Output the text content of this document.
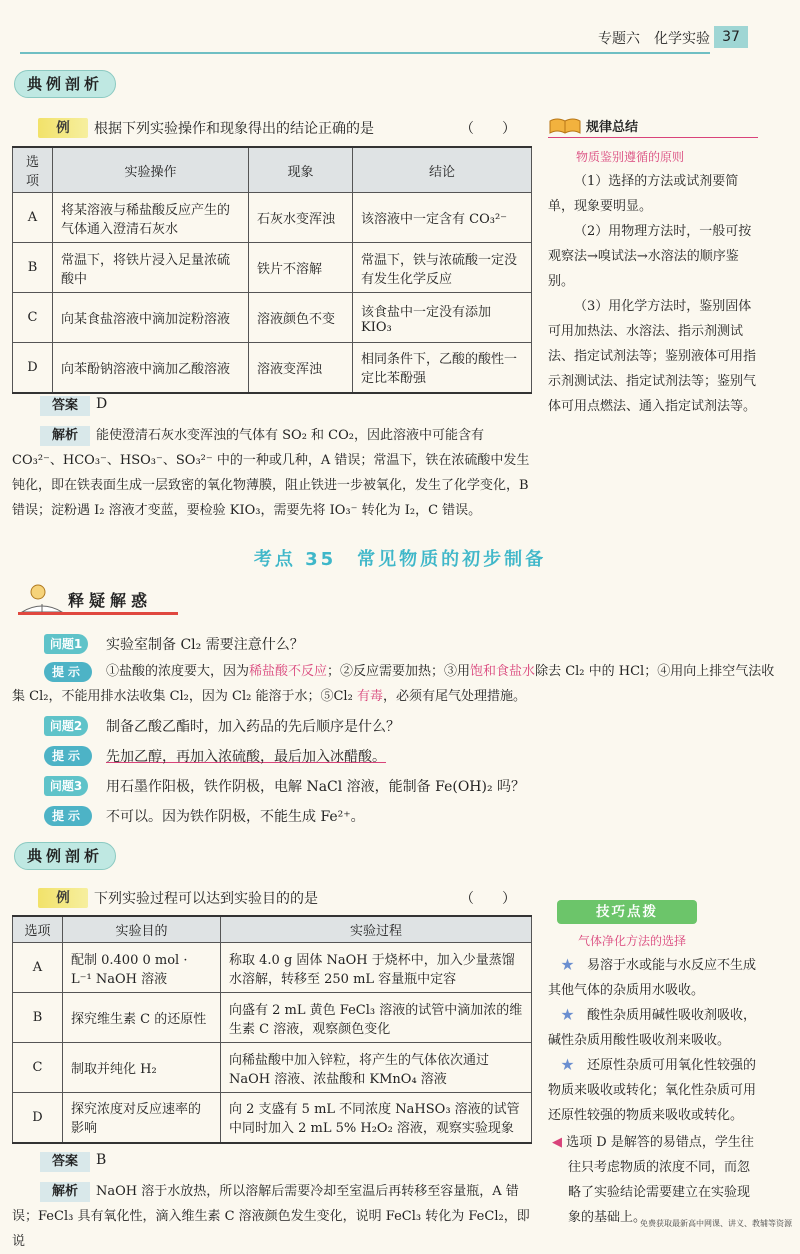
专题六　化学实验 37
典例剖析
例	根据下列实验操作和现象得出的结论正确的是	（　　）
选项	实验操作	现象	结论
A	将某溶液与稀盐酸反应产生的气体通入澄清石灰水	石灰水变浑浊	该溶液中一定含有 CO₃²⁻
B	常温下，将铁片浸入足量浓硫酸中	铁片不溶解	常温下，铁与浓硫酸一定没有发生化学反应
C	向某食盐溶液中滴加淀粉溶液	溶液颜色不变	该食盐中一定没有添加 KIO₃
D	向苯酚钠溶液中滴加乙酸溶液	溶液变浑浊	相同条件下，乙酸的酸性一定比苯酚强
答案	D
解析	能使澄清石灰水变浑浊的气体有 SO₂ 和 CO₂，因此溶液中可能含有 CO₃²⁻、HCO₃⁻、HSO₃⁻、SO₃²⁻ 中的一种或几种，A 错误；常温下，铁在浓硫酸中发生钝化，即在铁表面生成一层致密的氧化物薄膜，阻止铁进一步被氧化，发生了化学变化，B 错误；淀粉遇 I₂ 溶液才变蓝，要检验 KIO₃，需要先将 IO₃⁻ 转化为 I₂，C 错误。
规律总结
物质鉴别遵循的原则
（1）选择的方法或试剂要简单，现象要明显。
（2）用物理方法时，一般可按观察法→嗅试法→水溶法的顺序鉴别。
（3）用化学方法时，鉴别固体可用加热法、水溶法、指示剂测试法、指定试剂法等；鉴别液体可用指示剂测试法、指定试剂法等；鉴别气体可用点燃法、通入指定试剂法等。
考点 35　常见物质的初步制备
释疑解惑
问题1	实验室制备 Cl₂ 需要注意什么？
提示	①盐酸的浓度要大，因为稀盐酸不反应；②反应需要加热；③用饱和食盐水除去 Cl₂ 中的 HCl；④用向上排空气法收集 Cl₂，不能用排水法收集 Cl₂，因为 Cl₂ 能溶于水；⑤Cl₂ 有毒，必须有尾气处理措施。
问题2	制备乙酸乙酯时，加入药品的先后顺序是什么？
提示	先加乙醇，再加入浓硫酸，最后加入冰醋酸。
问题3	用石墨作阳极，铁作阴极，电解 NaCl 溶液，能制备 Fe(OH)₂ 吗？
提示	不可以。因为铁作阴极，不能生成 Fe²⁺。
典例剖析
例	下列实验过程可以达到实验目的的是	（　　）
选项	实验目的	实验过程
A	配制 0.400 0 mol · L⁻¹ NaOH 溶液	称取 4.0 g 固体 NaOH 于烧杯中，加入少量蒸馏水溶解，转移至 250 mL 容量瓶中定容
B	探究维生素 C 的还原性	向盛有 2 mL 黄色 FeCl₃ 溶液的试管中滴加浓的维生素 C 溶液，观察颜色变化
C	制取并纯化 H₂	向稀盐酸中加入锌粒，将产生的气体依次通过 NaOH 溶液、浓盐酸和 KMnO₄ 溶液
D	探究浓度对反应速率的影响	向 2 支盛有 5 mL 不同浓度 NaHSO₃ 溶液的试管中同时加入 2 mL 5% H₂O₂ 溶液，观察实验现象
答案	B
解析	NaOH 溶于水放热，所以溶解后需要冷却至室温后再转移至容量瓶，A 错误；FeCl₃ 具有氧化性，滴入维生素 C 溶液颜色发生变化，说明 FeCl₃ 转化为 FeCl₂，即说
技巧点拨
气体净化方法的选择
　★　易溶于水或能与水反应不生成其他气体的杂质用水吸收。
　★　酸性杂质用碱性吸收剂吸收，碱性杂质用酸性吸收剂来吸收。
　★　还原性杂质可用氧化性较强的物质来吸收或转化；氧化性杂质可用还原性较强的物质来吸收或转化。
◀ 选项 D 是解答的易错点，学生往往只考虑物质的浓度不同，而忽略了实验结论需要建立在实验现象的基础上。
免费获取最新高中网课、讲义、教辅等资源
